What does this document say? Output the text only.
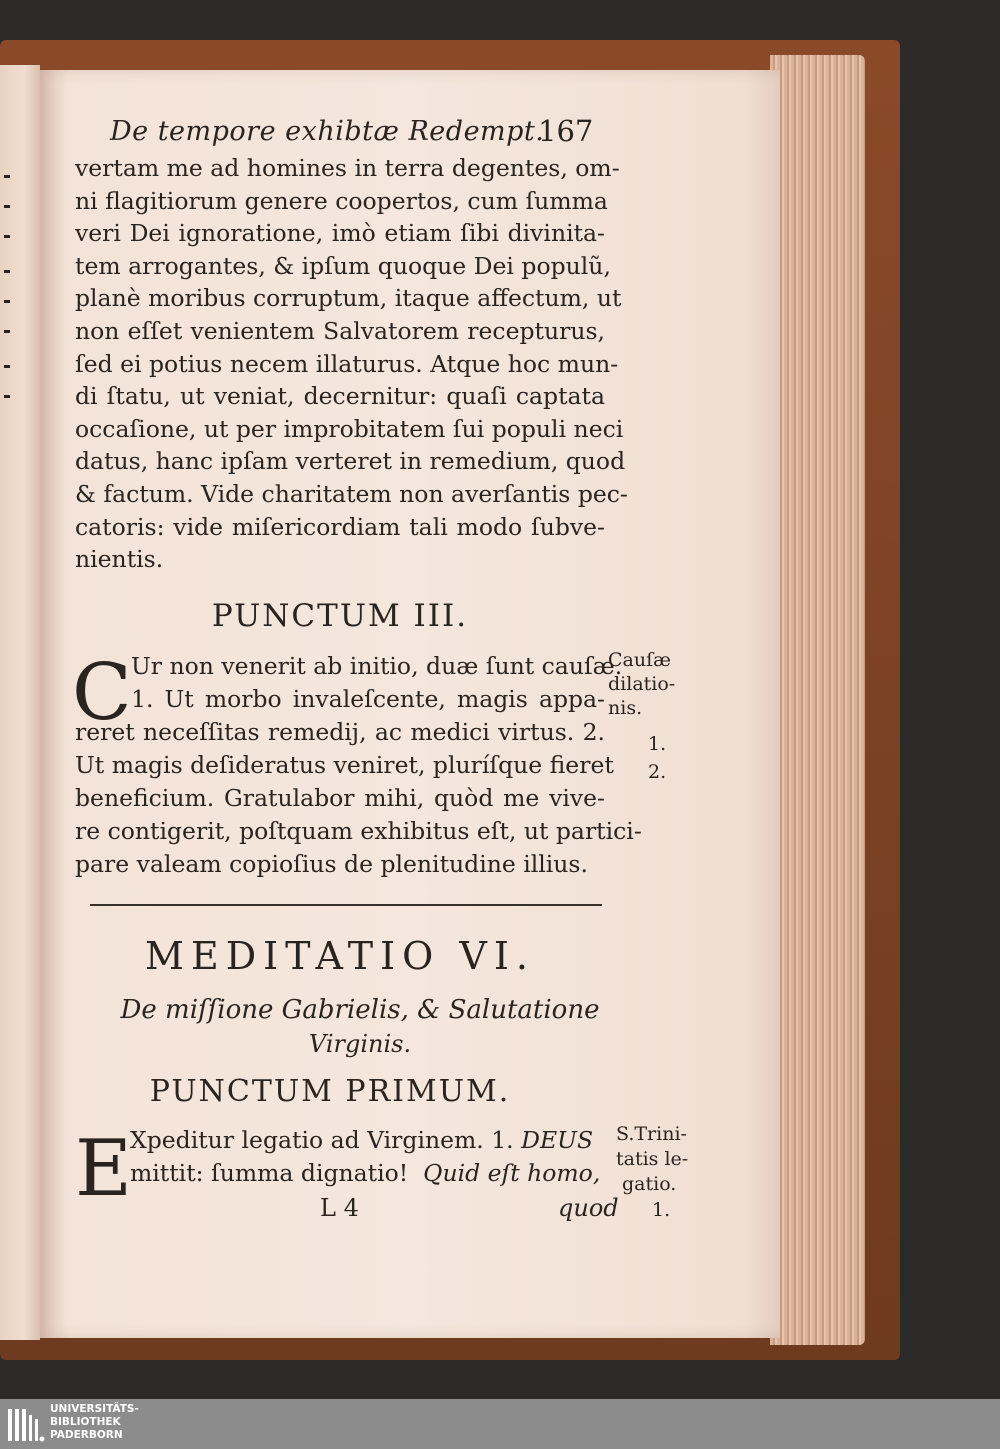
De tempore exhibtæ Redempt.
167
vertam me ad homines in terra degentes, om-
ni flagitiorum genere coopertos, cum ſumma
veri Dei ignoratione, imò etiam ſibi divinita-
tem arrogantes, & ipſum quoque Dei populũ,
planè moribus corruptum, itaque affectum, ut
non eſſet venientem Salvatorem recepturus,
ſed ei potius necem illaturus. Atque hoc mun-
di ſtatu, ut veniat, decernitur: quaſi captata
occaſione, ut per improbitatem ſui populi neci
datus, hanc ipſam verteret in remedium, quod
& factum. Vide charitatem non averſantis pec-
catoris: vide miſericordiam tali modo ſubve-
nientis.
PUNCTUM III.
C Ur non venerit ab initio, duæ ſunt cauſæ.
1. Ut morbo invaleſcente, magis appa-
reret neceſſitas remedij, ac medici virtus. 2.
Ut magis deſideratus veniret, pluríſque fieret
beneficium. Gratulabor mihi, quòd me vive-
re contigerit, poſtquam exhibitus eſt, ut partici-
pare valeam copioſius de plenitudine illius.
Cauſæ
dilatio-
nis.
1.
2.
MEDITATIO VI.
De miſſione Gabrielis, & Salutatione
Virginis.
PUNCTUM PRIMUM.
E
Xpeditur legatio ad Virginem. 1. DEUS
mittit: ſumma dignatio! Quid eſt homo,
S.Trini-
tatis le-
gatio.
1.
L 4	quod
UNIVERSITÄTS-
BIBLIOTHEK
PADERBORN
